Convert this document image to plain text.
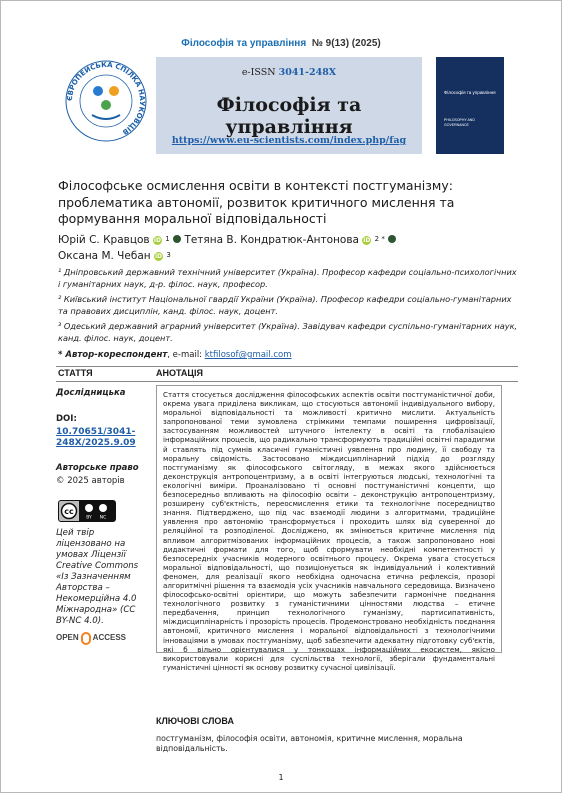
Філософія та управління № 9(13) (2025)
ЄВРОПЕЙСЬКА СПІЛКА НАУКОВЦІВ
e-ISSN 3041-248X
Філософія та управління
https://www.eu-scientists.com/index.php/fag
Філософія та управління
PHILOSOPHY AND GOVERNANCE
Філософське осмислення освіти в контексті постгуманізму: проблематика автономії, розвиток критичного мислення та формування моральної відповідальності
Юрій С. Кравцов iD $^1$ Тетяна В. Кондратюк-Антонова iD $^{2 *}$
Оксана М. Чебан iD $^3$
¹ Дніпровський державний технічний університет (Україна). Професор кафедри соціально-психологічних і гуманітарних наук, д-р. філос. наук, професор.
² Київський інститут Національної гвардії України (Україна). Професор кафедри соціально-гуманітарних та правових дисциплін, канд. філос. наук, доцент.
³ Одеський державний аграрний університет (Україна). Завідувач кафедри суспільно-гуманітарних наук, канд. філос. наук, доцент.
* Автор-кореспондент, e-mail: ktfilosof@gmail.com
СТАТТЯ	АНОТАЦІЯ
Дослідницька
DOI:
10.70651/3041-248X/2025.9.09
Авторське право
© 2025 авторів
cc
BY NC
Цей твір ліцензовано на умовах Ліцензії Creative Commons «Із Зазначенням Авторства – Некомерційна 4.0 Міжнародна» (CC BY-NC 4.0).
OPEN ACCESS
Стаття стосується дослідження філософських аспектів освіти постгуманістичної доби, окрема увага приділена викликам, що стосуються автономії індивідуального вибору, моральної відповідальності та можливості критично мислити. Актуальність запропонованої теми зумовлена стрімкими темпами поширення цифровізації, застосуванням можливостей штучного інтелекту в освіті та глобалізацією інформаційних процесів, що радикально трансформують традиційні освітні парадигми й ставлять під сумнів класичні гуманістичні уявлення про людину, її свободу та моральну свідомість. Застосовано міждисциплінарний підхід до розгляду постгуманізму як філософського світогляду, в межах якого здійснюється деконструкція антропоцентризму, а в освіті інтегруються людські, технологічні та екологічні виміри. Проаналізовано ті основні постгуманістичні концепти, що безпосередньо впливають на філософію освіти – деконструкцію антропоцентризму, розширену суб'єктність, переосмислення етики та технологічне посередництво знання. Підтверджено, що під час взаємодії людини з алгоритмами, традиційне уявлення про автономію трансформується і проходить шлях від суверенної до реляційної та розподіленої. Досліджено, як змінюється критичне мислення під впливом алгоритмізованих інформаційних процесів, а також запропоновано нові дидактичні формати для того, щоб сформувати необхідні компетентності у безпосередніх учасників модерного освітнього процесу. Окрема увага стосується моральної відповідальності, що позиціонується як індивідуальний і колективний феномен, для реалізації якого необхідна одночасна етична рефлексія, прозорі алгоритмічні рішення та взаємодія усіх учасників навчального середовища. Визначено філософсько-освітні орієнтири, що можуть забезпечити гармонічне поєднання технологічного розвитку з гуманістичними цінностями людства – етичне передбачення, принцип технологічного гуманізму, партисипативність, міждисциплінарність і прозорість процесів. Продемонстровано необхідність поєднання автономії, критичного мислення і моральної відповідальності з технологічними інноваціями в умовах постгуманізму, щоб забезпечити адекватну підготовку суб'єктів, які б вільно орієнтувалися у тонкощах інформаційних екосистем, якісно використовували корисні для суспільства технології, зберігали фундаментальні гуманістичні цінності як основу розвитку сучасної цивілізації.
КЛЮЧОВІ СЛОВА
постгуманізм, філософія освіти, автономія, критичне мислення, моральна відповідальність.
1
